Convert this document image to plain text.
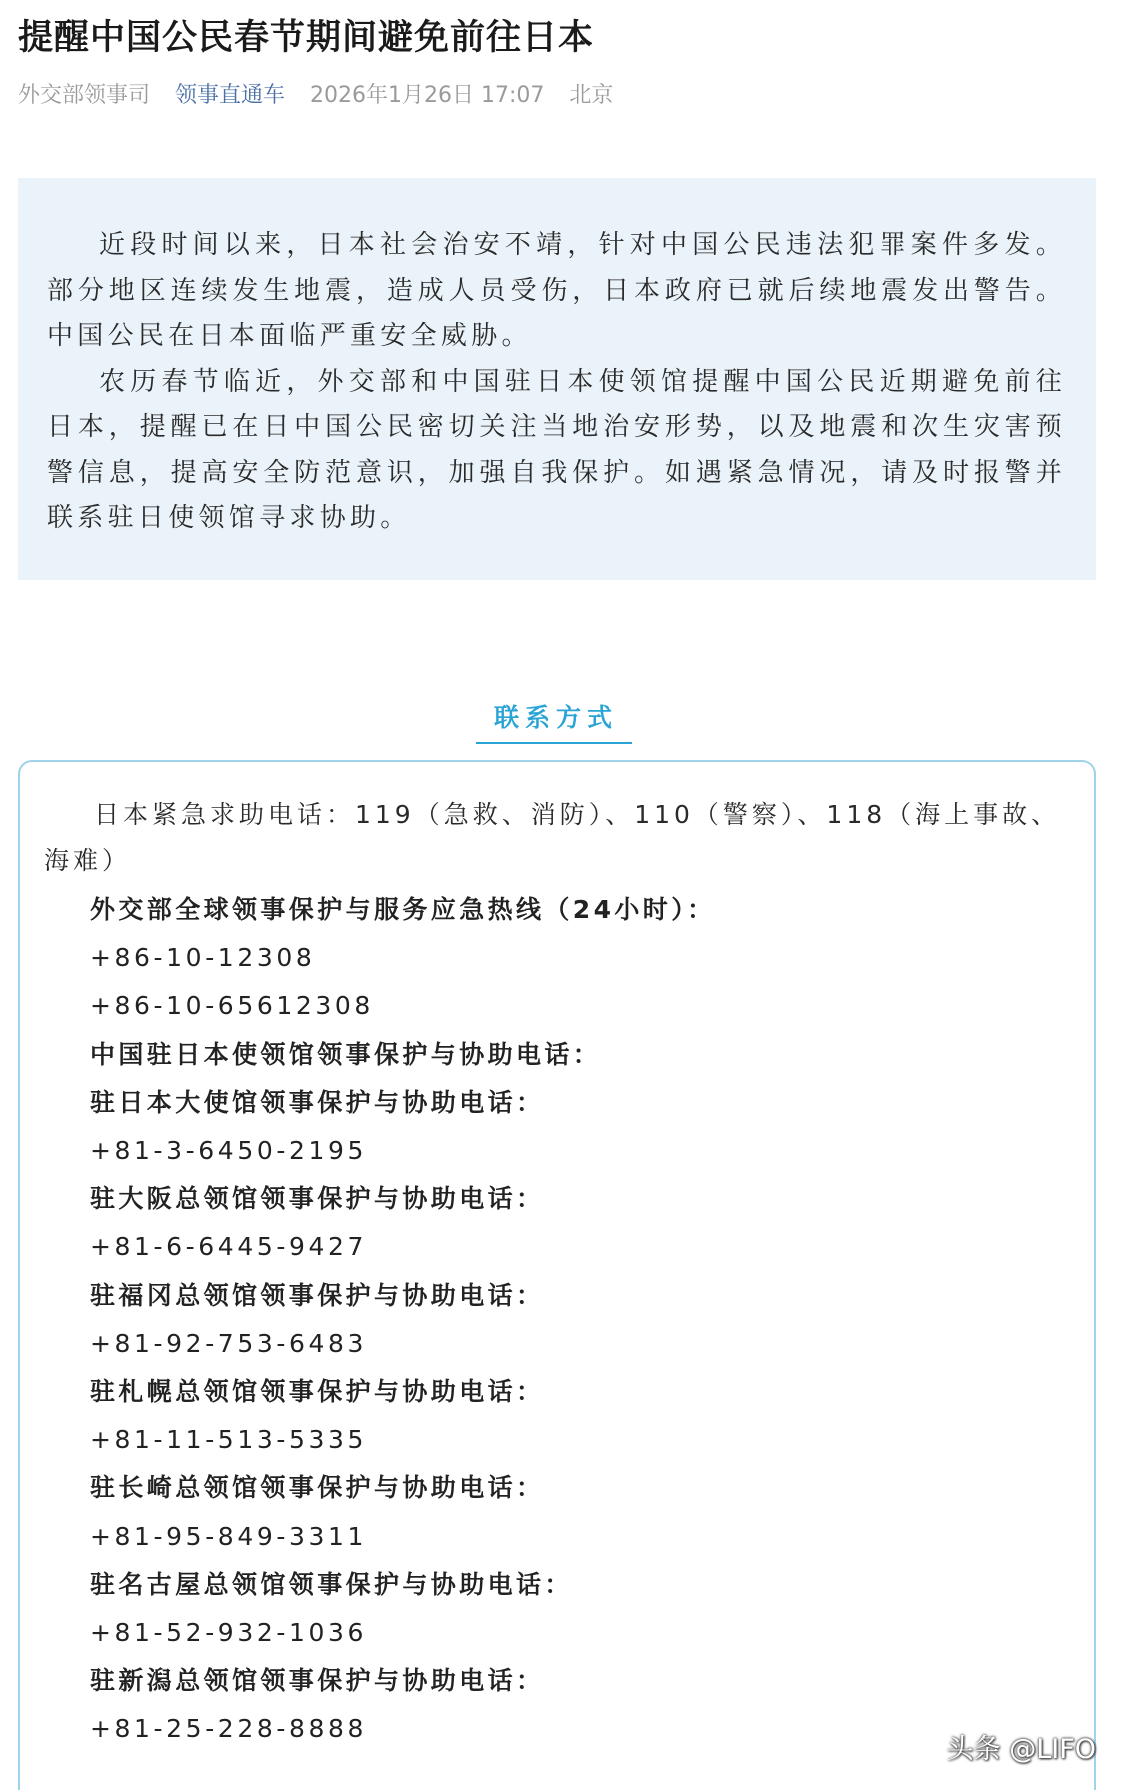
提醒中国公民春节期间避免前往日本
外交部领事司 领事直通车 2026年1月26日 17:07 北京

近段时间以来，日本社会治安不靖，针对中国公民违法犯罪案件多发。部分地区连续发生地震，造成人员受伤，日本政府已就后续地震发出警告。中国公民在日本面临严重安全威胁。

农历春节临近，外交部和中国驻日本使领馆提醒中国公民近期避免前往日本，提醒已在日中国公民密切关注当地治安形势，以及地震和次生灾害预警信息，提高安全防范意识，加强自我保护。如遇紧急情况，请及时报警并联系驻日使领馆寻求协助。

联系方式

日本紧急求助电话：119（急救、消防）、110（警察）、118（海上事故、海难）

外交部全球领事保护与服务应急热线（24小时）：

+86-10-12308

+86-10-65612308

中国驻日本使领馆领事保护与协助电话：

驻日本大使馆领事保护与协助电话：

+81-3-6450-2195

驻大阪总领馆领事保护与协助电话：

+81-6-6445-9427

驻福冈总领馆领事保护与协助电话：

+81-92-753-6483

驻札幌总领馆领事保护与协助电话：

+81-11-513-5335

驻长崎总领馆领事保护与协助电话：

+81-95-849-3311

驻名古屋总领馆领事保护与协助电话：

+81-52-932-1036

驻新潟总领馆领事保护与协助电话：

+81-25-228-8888

头条 @LIFO
